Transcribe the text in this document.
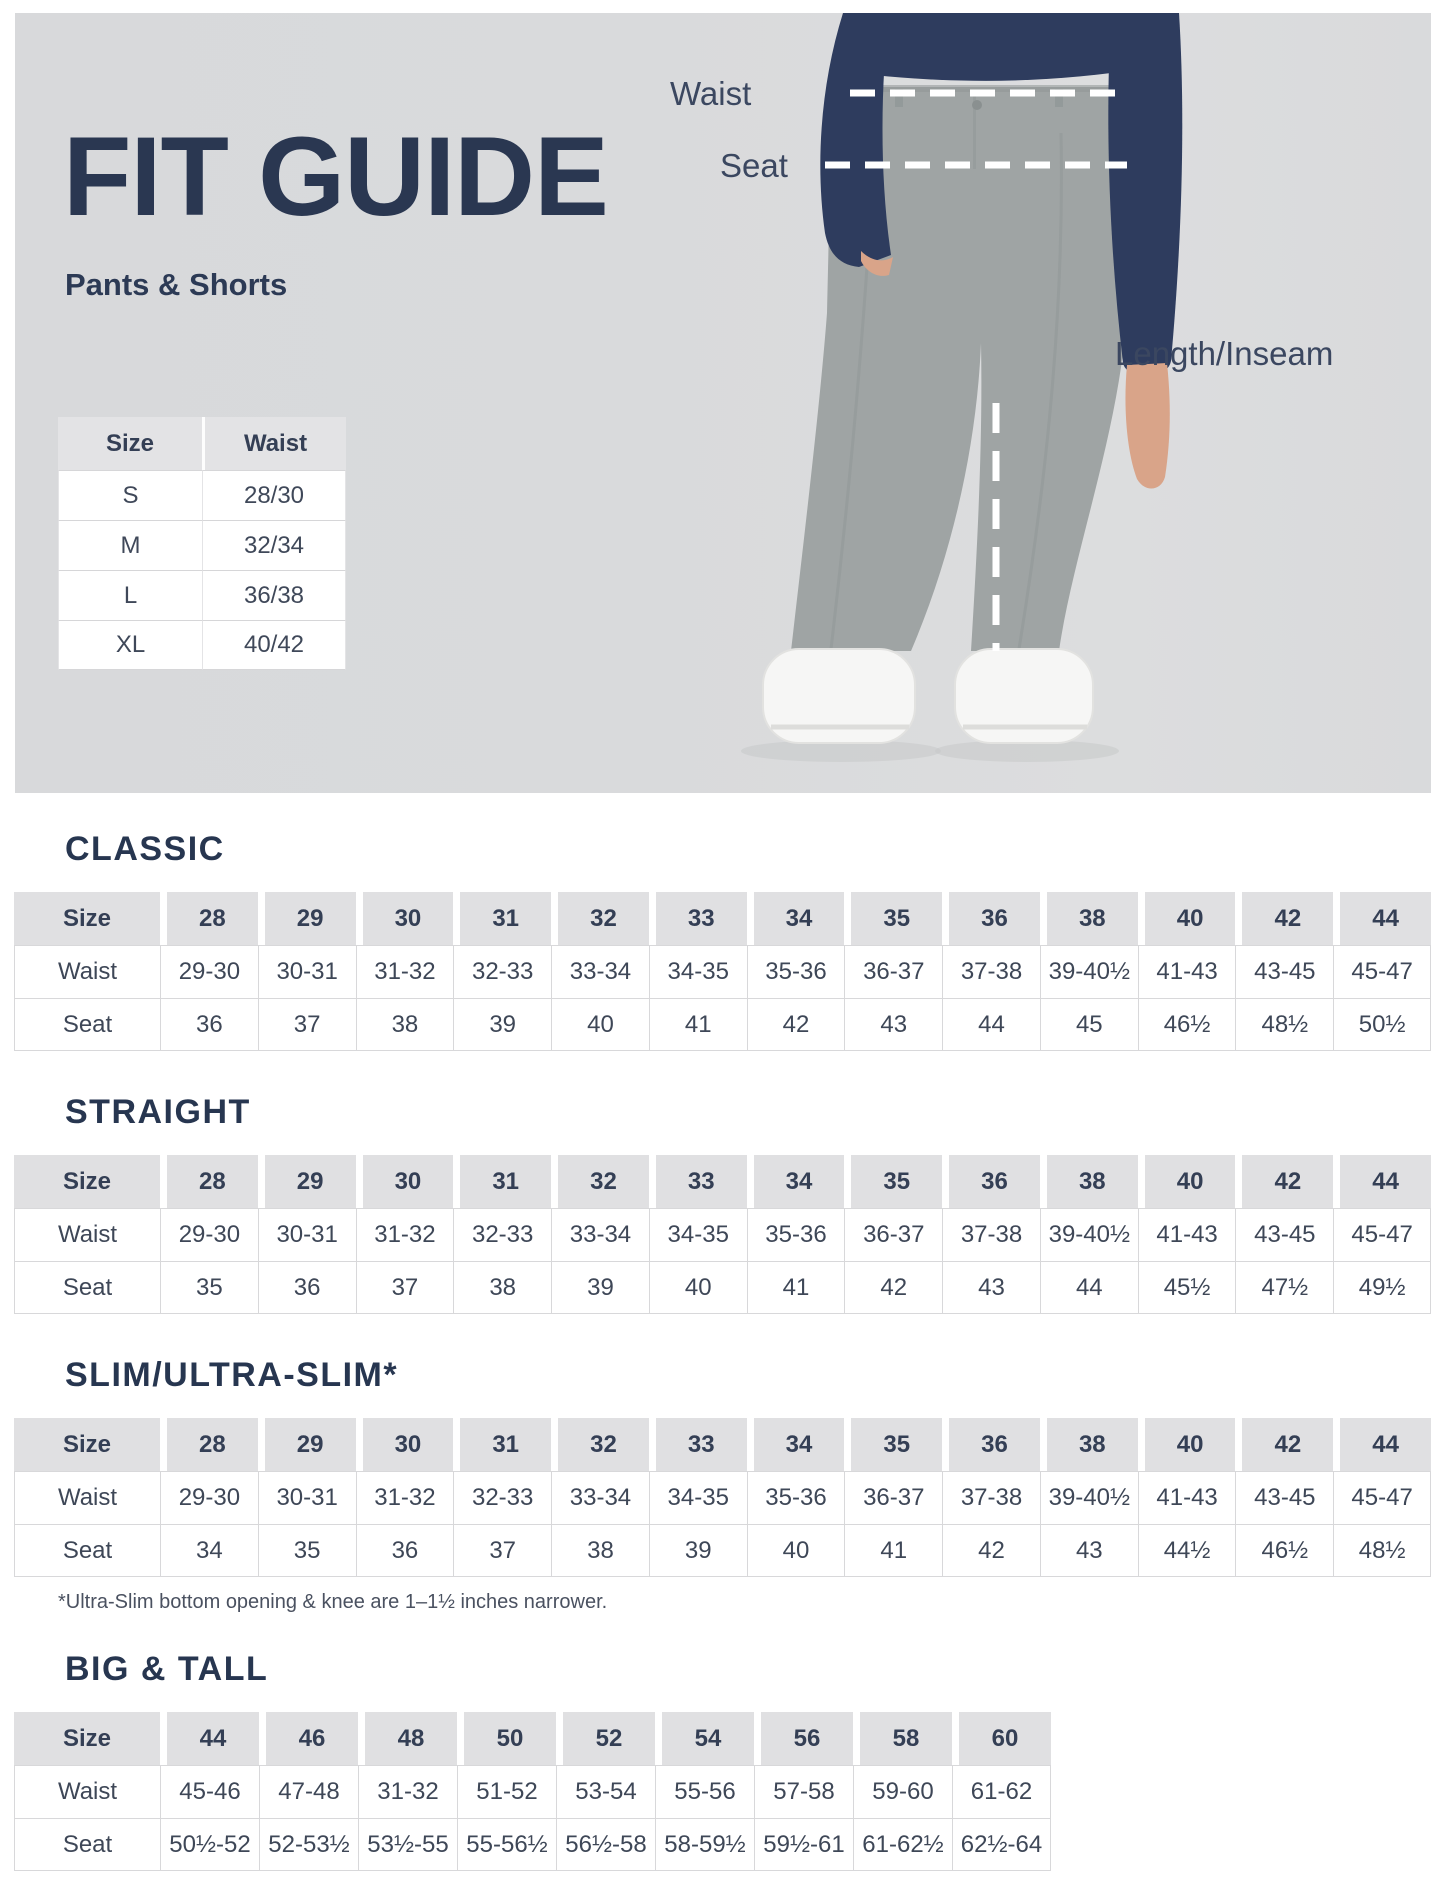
FIT GUIDE
Pants & Shorts
Waist
Seat
Length/Inseam
Size	Waist
S	28/30
M	32/34
L	36/38
XL	40/42
CLASSIC
Size	28	29	30	31	32	33	34	35	36	38	40	42	44
Waist	29-30	30-31	31-32	32-33	33-34	34-35	35-36	36-37	37-38	39-40½	41-43	43-45	45-47
Seat	36	37	38	39	40	41	42	43	44	45	46½	48½	50½
STRAIGHT
Size	28	29	30	31	32	33	34	35	36	38	40	42	44
Waist	29-30	30-31	31-32	32-33	33-34	34-35	35-36	36-37	37-38	39-40½	41-43	43-45	45-47
Seat	35	36	37	38	39	40	41	42	43	44	45½	47½	49½
SLIM/ULTRA-SLIM*
Size	28	29	30	31	32	33	34	35	36	38	40	42	44
Waist	29-30	30-31	31-32	32-33	33-34	34-35	35-36	36-37	37-38	39-40½	41-43	43-45	45-47
Seat	34	35	36	37	38	39	40	41	42	43	44½	46½	48½
*Ultra-Slim bottom opening & knee are 1–1½ inches narrower.
BIG & TALL
Size	44	46	48	50	52	54	56	58	60
Waist	45-46	47-48	31-32	51-52	53-54	55-56	57-58	59-60	61-62
Seat	50½-52 52-53½ 53½-55 55-56½ 56½-58 58-59½ 59½-61 61-62½ 62½-64
